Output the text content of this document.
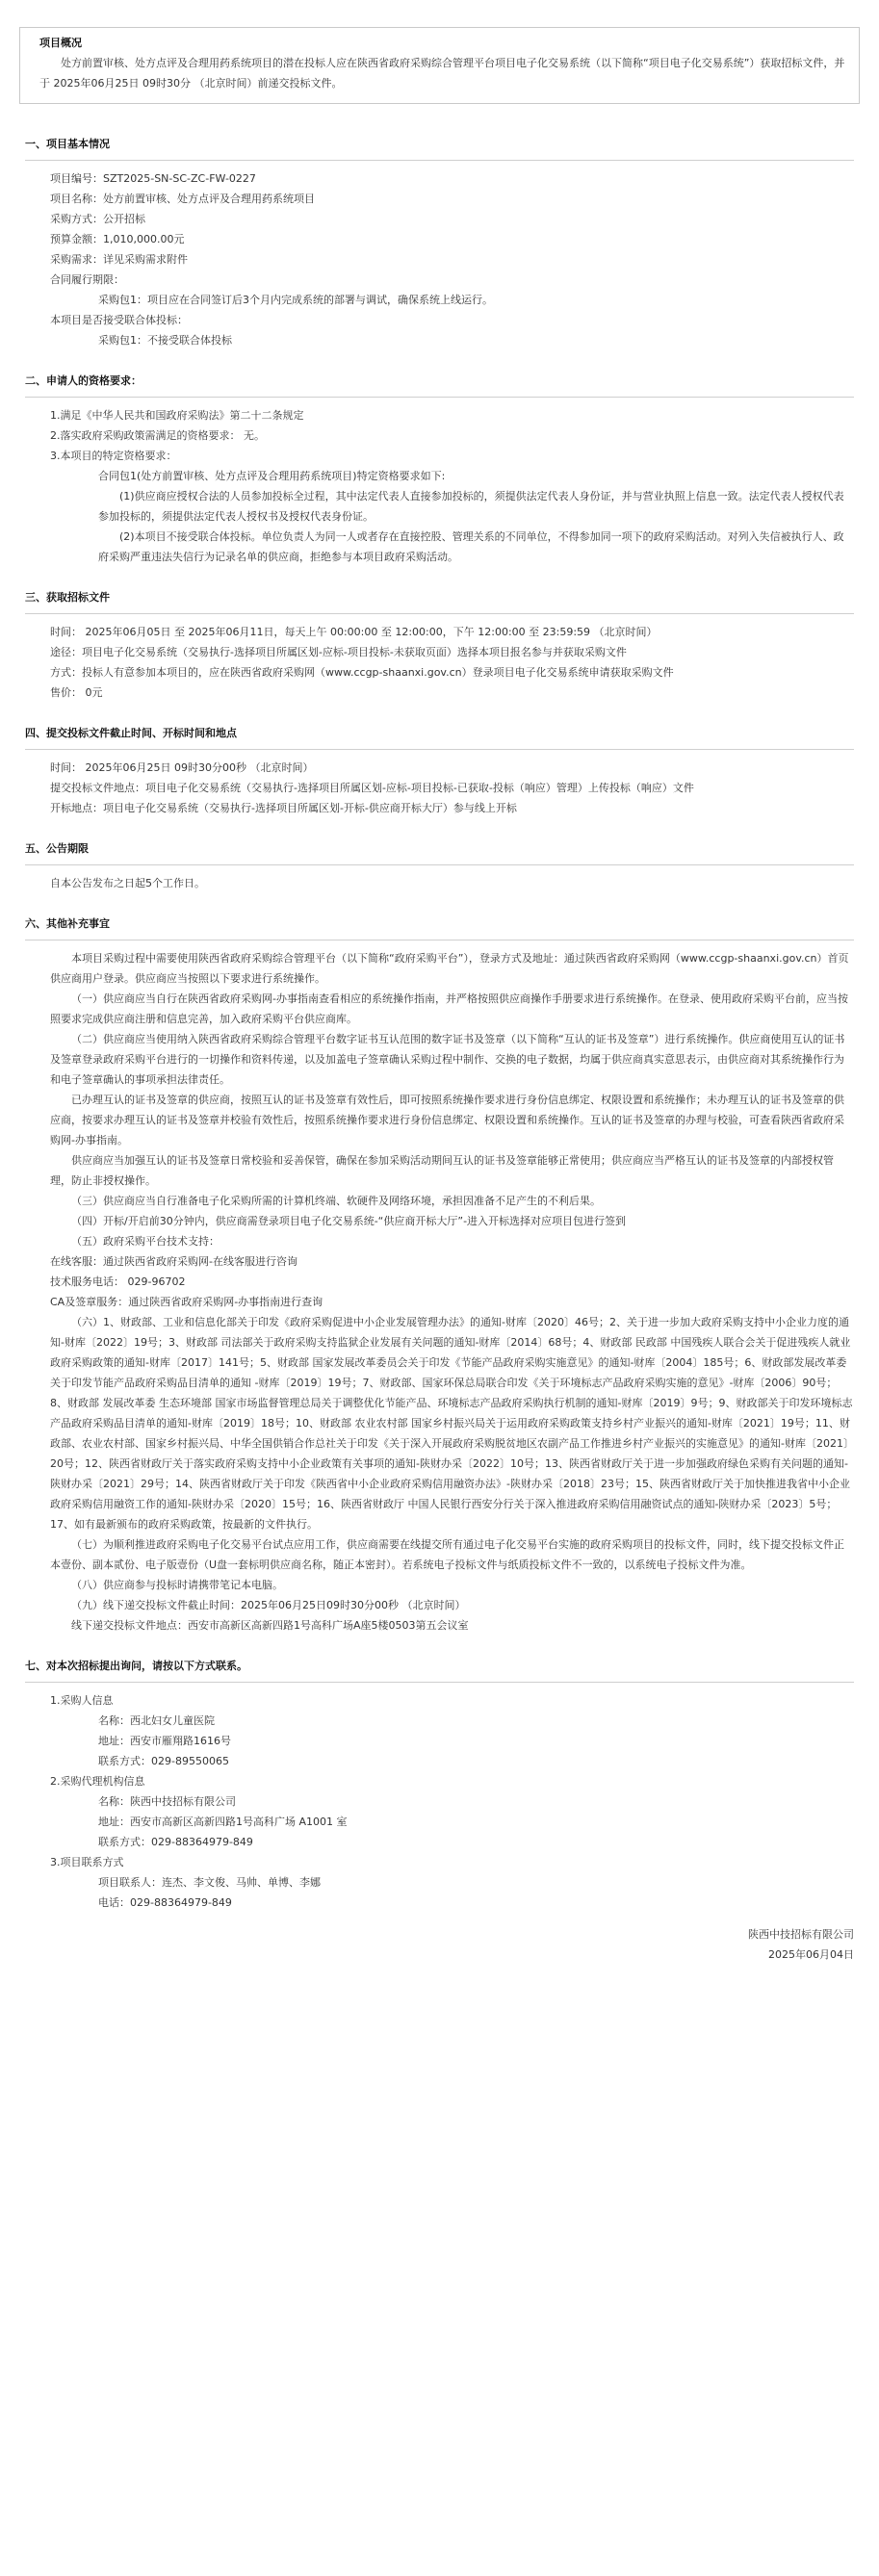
项目概况
处方前置审核、处方点评及合理用药系统项目的潜在投标人应在陕西省政府采购综合管理平台项目电子化交易系统（以下简称“项目电子化交易系统”）获取招标文件，并于 2025年06月25日 09时30分 （北京时间）前递交投标文件。
一、项目基本情况
项目编号：SZT2025-SN-SC-ZC-FW-0227
项目名称：处方前置审核、处方点评及合理用药系统项目
采购方式：公开招标
预算金额：1,010,000.00元
采购需求：详见采购需求附件
合同履行期限：
采购包1：项目应在合同签订后3个月内完成系统的部署与调试，确保系统上线运行。
本项目是否接受联合体投标：
采购包1：不接受联合体投标
二、申请人的资格要求：
1.满足《中华人民共和国政府采购法》第二十二条规定
2.落实政府采购政策需满足的资格要求： 无。
3.本项目的特定资格要求：
合同包1(处方前置审核、处方点评及合理用药系统项目)特定资格要求如下:
(1)供应商应授权合法的人员参加投标全过程，其中法定代表人直接参加投标的，须提供法定代表人身份证，并与营业执照上信息一致。法定代表人授权代表参加投标的，须提供法定代表人授权书及授权代表身份证。
(2)本项目不接受联合体投标。单位负责人为同一人或者存在直接控股、管理关系的不同单位，不得参加同一项下的政府采购活动。对列入失信被执行人、政府采购严重违法失信行为记录名单的供应商，拒绝参与本项目政府采购活动。
三、获取招标文件
时间： 2025年06月05日 至 2025年06月11日，每天上午 00:00:00 至 12:00:00，下午 12:00:00 至 23:59:59 （北京时间）
途径：项目电子化交易系统（交易执行-选择项目所属区划-应标-项目投标-未获取页面）选择本项目报名参与并获取采购文件
方式：投标人有意参加本项目的，应在陕西省政府采购网（www.ccgp-shaanxi.gov.cn）登录项目电子化交易系统申请获取采购文件
售价： 0元
四、提交投标文件截止时间、开标时间和地点
时间： 2025年06月25日 09时30分00秒 （北京时间）
提交投标文件地点：项目电子化交易系统（交易执行-选择项目所属区划-应标-项目投标-已获取-投标（响应）管理）上传投标（响应）文件
开标地点：项目电子化交易系统（交易执行-选择项目所属区划-开标-供应商开标大厅）参与线上开标
五、公告期限
自本公告发布之日起5个工作日。
六、其他补充事宜
本项目采购过程中需要使用陕西省政府采购综合管理平台（以下简称“政府采购平台”），登录方式及地址：通过陕西省政府采购网（www.ccgp-shaanxi.gov.cn）首页供应商用户登录。供应商应当按照以下要求进行系统操作。
（一）供应商应当自行在陕西省政府采购网-办事指南查看相应的系统操作指南，并严格按照供应商操作手册要求进行系统操作。在登录、使用政府采购平台前，应当按照要求完成供应商注册和信息完善，加入政府采购平台供应商库。
（二）供应商应当使用纳入陕西省政府采购综合管理平台数字证书互认范围的数字证书及签章（以下简称“互认的证书及签章”）进行系统操作。供应商使用互认的证书及签章登录政府采购平台进行的一切操作和资料传递，以及加盖电子签章确认采购过程中制作、交换的电子数据，均属于供应商真实意思表示，由供应商对其系统操作行为和电子签章确认的事项承担法律责任。
已办理互认的证书及签章的供应商，按照互认的证书及签章有效性后，即可按照系统操作要求进行身份信息绑定、权限设置和系统操作；未办理互认的证书及签章的供应商，按要求办理互认的证书及签章并校验有效性后，按照系统操作要求进行身份信息绑定、权限设置和系统操作。互认的证书及签章的办理与校验，可查看陕西省政府采购网-办事指南。
供应商应当加强互认的证书及签章日常校验和妥善保管，确保在参加采购活动期间互认的证书及签章能够正常使用；供应商应当严格互认的证书及签章的内部授权管理，防止非授权操作。
（三）供应商应当自行准备电子化采购所需的计算机终端、软硬件及网络环境，承担因准备不足产生的不利后果。
（四）开标/开启前30分钟内，供应商需登录项目电子化交易系统-“供应商开标大厅”-进入开标选择对应项目包进行签到
（五）政府采购平台技术支持：
在线客服：通过陕西省政府采购网-在线客服进行咨询
技术服务电话： 029-96702
CA及签章服务：通过陕西省政府采购网-办事指南进行查询
（六）1、财政部、工业和信息化部关于印发《政府采购促进中小企业发展管理办法》的通知-财库〔2020〕46号；2、关于进一步加大政府采购支持中小企业力度的通知-财库〔2022〕19号；3、财政部 司法部关于政府采购支持监狱企业发展有关问题的通知-财库〔2014〕68号；4、财政部 民政部 中国残疾人联合会关于促进残疾人就业政府采购政策的通知-财库〔2017〕141号；5、财政部 国家发展改革委员会关于印发《节能产品政府采购实施意见》的通知-财库〔2004〕185号；6、财政部发展改革委关于印发节能产品政府采购品目清单的通知 -财库〔2019〕19号；7、财政部、国家环保总局联合印发《关于环境标志产品政府采购实施的意见》-财库〔2006〕90号；8、财政部 发展改革委 生态环境部 国家市场监督管理总局关于调整优化节能产品、环境标志产品政府采购执行机制的通知-财库〔2019〕9号；9、财政部关于印发环境标志产品政府采购品目清单的通知-财库〔2019〕18号；10、财政部 农业农村部 国家乡村振兴局关于运用政府采购政策支持乡村产业振兴的通知-财库〔2021〕19号；11、财政部、农业农村部、国家乡村振兴局、中华全国供销合作总社关于印发《关于深入开展政府采购脱贫地区农副产品工作推进乡村产业振兴的实施意见》的通知-财库〔2021〕20号；12、陕西省财政厅关于落实政府采购支持中小企业政策有关事项的通知-陕财办采〔2022〕10号；13、陕西省财政厅关于进一步加强政府绿色采购有关问题的通知-陕财办采〔2021〕29号；14、陕西省财政厅关于印发《陕西省中小企业政府采购信用融资办法》-陕财办采〔2018〕23号；15、陕西省财政厅关于加快推进我省中小企业政府采购信用融资工作的通知-陕财办采〔2020〕15号；16、陕西省财政厅 中国人民银行西安分行关于深入推进政府采购信用融资试点的通知-陕财办采〔2023〕5号；17、如有最新颁布的政府采购政策，按最新的文件执行。
（七）为顺利推进政府采购电子化交易平台试点应用工作，供应商需要在线提交所有通过电子化交易平台实施的政府采购项目的投标文件，同时，线下提交投标文件正本壹份、副本贰份、电子版壹份（U盘一套标明供应商名称，随正本密封）。若系统电子投标文件与纸质投标文件不一致的，以系统电子投标文件为准。
（八）供应商参与投标时请携带笔记本电脑。
（九）线下递交投标文件截止时间：2025年06月25日09时30分00秒 （北京时间）
线下递交投标文件地点：西安市高新区高新四路1号高科广场A座5楼0503第五会议室
七、对本次招标提出询问，请按以下方式联系。
1.采购人信息
名称：西北妇女儿童医院
地址：西安市雁翔路1616号
联系方式：029-89550065
2.采购代理机构信息
名称：陕西中技招标有限公司
地址：西安市高新区高新四路1号高科广场 A1001 室
联系方式：029-88364979-849
3.项目联系方式
项目联系人：连杰、李文俊、马帅、单博、李娜
电话：029-88364979-849
陕西中技招标有限公司
2025年06月04日
